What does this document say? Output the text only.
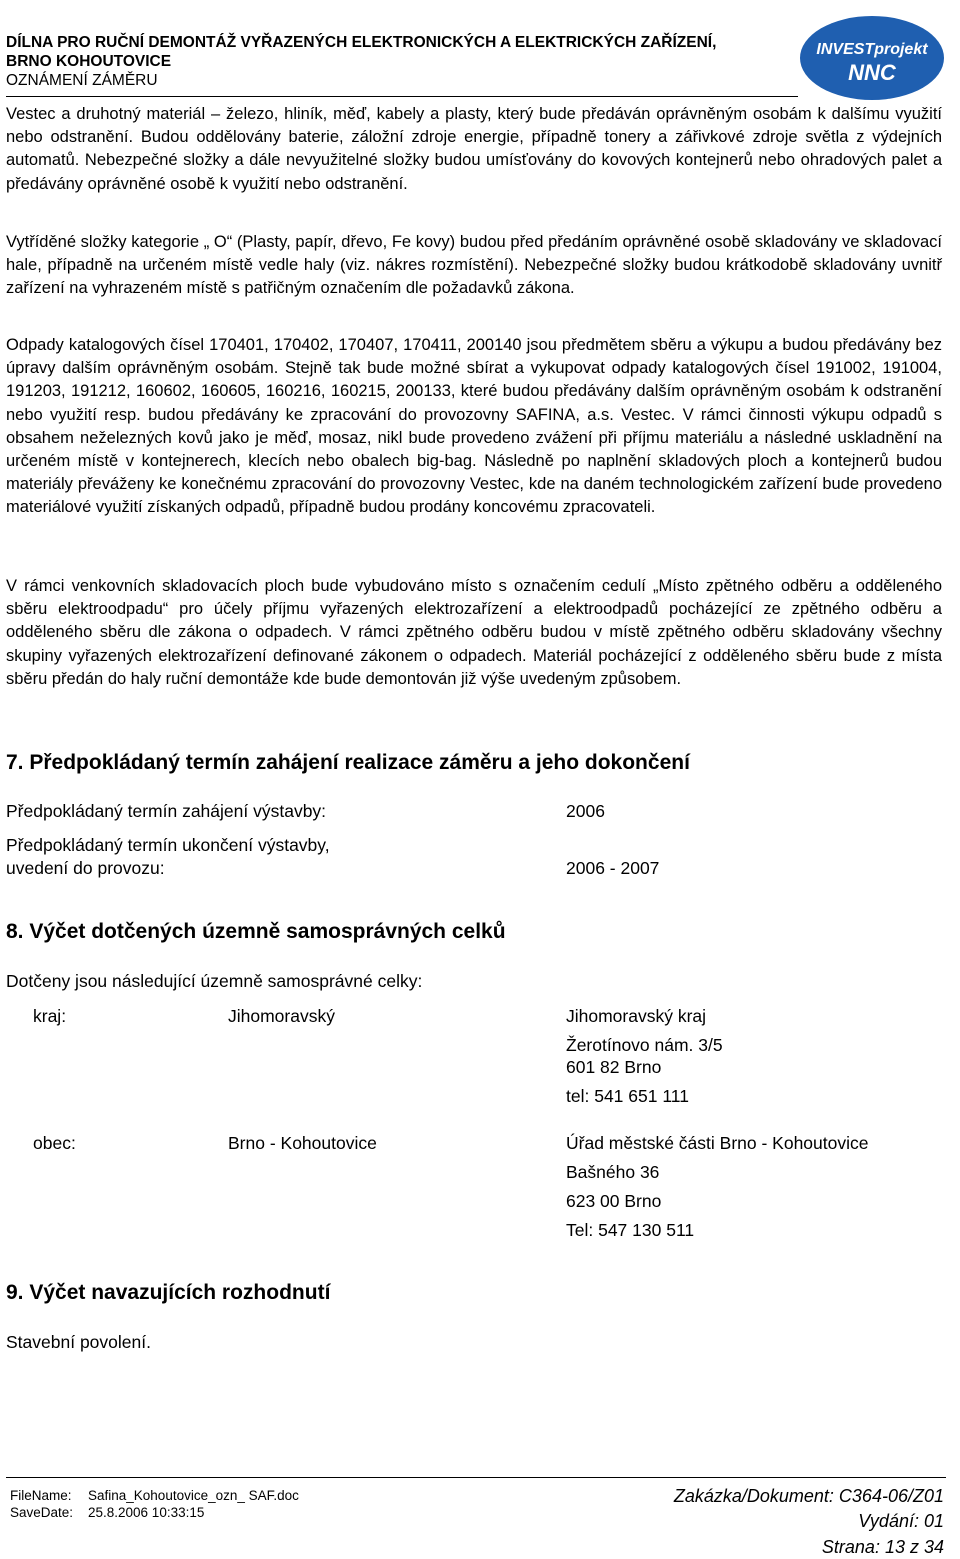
DÍLNA PRO RUČNÍ DEMONTÁŽ VYŘAZENÝCH ELEKTRONICKÝCH A ELEKTRICKÝCH ZAŘÍZENÍ,
BRNO KOHOUTOVICE
OZNÁMENÍ ZÁMĚRU
INVESTprojekt
NNC

Vestec a druhotný materiál – železo, hliník, měď, kabely a plasty, který bude předáván oprávněným osobám k dalšímu využití nebo odstranění. Budou oddělovány baterie, záložní zdroje energie, případně tonery a zářivkové zdroje světla z výdejních automatů. Nebezpečné složky a dále nevyužitelné složky budou umísťovány do kovových kontejnerů nebo ohradových palet a předávány oprávněné osobě k využití nebo odstranění.

Vytříděné složky kategorie „ O“ (Plasty, papír, dřevo, Fe kovy) budou před předáním oprávněné osobě skladovány ve skladovací hale, případně na určeném místě vedle haly (viz. nákres rozmístění). Nebezpečné složky budou krátkodobě skladovány uvnitř zařízení na vyhrazeném místě s patřičným označením dle požadavků zákona.

Odpady katalogových čísel 170401, 170402, 170407, 170411, 200140 jsou předmětem sběru a výkupu a budou předávány bez úpravy dalším oprávněným osobám. Stejně tak bude možné sbírat a vykupovat odpady katalogových čísel 191002, 191004, 191203, 191212, 160602, 160605, 160216, 160215, 200133, které budou předávány dalším oprávněným osobám k odstranění nebo využití resp. budou předávány ke zpracování do provozovny SAFINA, a.s. Vestec. V rámci činnosti výkupu odpadů s obsahem neželezných kovů jako je měď, mosaz, nikl bude provedeno zvážení při příjmu materiálu a následné uskladnění na určeném místě v kontejnerech, klecích nebo obalech big-bag. Následně po naplnění skladových ploch a kontejnerů budou materiály převáženy ke konečnému zpracování do provozovny Vestec, kde na daném technologickém zařízení bude provedeno materiálové využití získaných odpadů, případně budou prodány koncovému zpracovateli.

V rámci venkovních skladovacích ploch bude vybudováno místo s označením cedulí „Místo zpětného odběru a odděleného sběru elektroodpadu“ pro účely příjmu vyřazených elektrozařízení a elektroodpadů pocházející ze zpětného odběru a odděleného sběru dle zákona o odpadech. V rámci zpětného odběru budou v místě zpětného odběru skladovány všechny skupiny vyřazených elektrozařízení definované zákonem o odpadech. Materiál pocházející z odděleného sběru bude z místa sběru předán do haly ruční demontáže kde bude demontován již výše uvedeným způsobem.

7. Předpokládaný termín zahájení realizace záměru a jeho dokončení
Předpokládaný termín zahájení výstavby:	2006
Předpokládaný termín ukončení výstavby,
uvedení do provozu:	2006 - 2007
8. Výčet dotčených územně samosprávných celků
Dotčeny jsou následující územně samosprávné celky:
kraj:	Jihomoravský	Jihomoravský kraj
Žerotínovo nám. 3/5
601 82 Brno
tel: 541 651 111
obec:	Brno - Kohoutovice	Úřad městské části Brno - Kohoutovice
Bašného 36
623 00 Brno
Tel: 547 130 511
9. Výčet navazujících rozhodnutí
Stavební povolení.
FileName: Safina_Kohoutovice_ozn_ SAF.doc
SaveDate: 25.8.2006 10:33:15
Zakázka/Dokument: C364-06/Z01
Vydání: 01
Strana: 13 z 34
